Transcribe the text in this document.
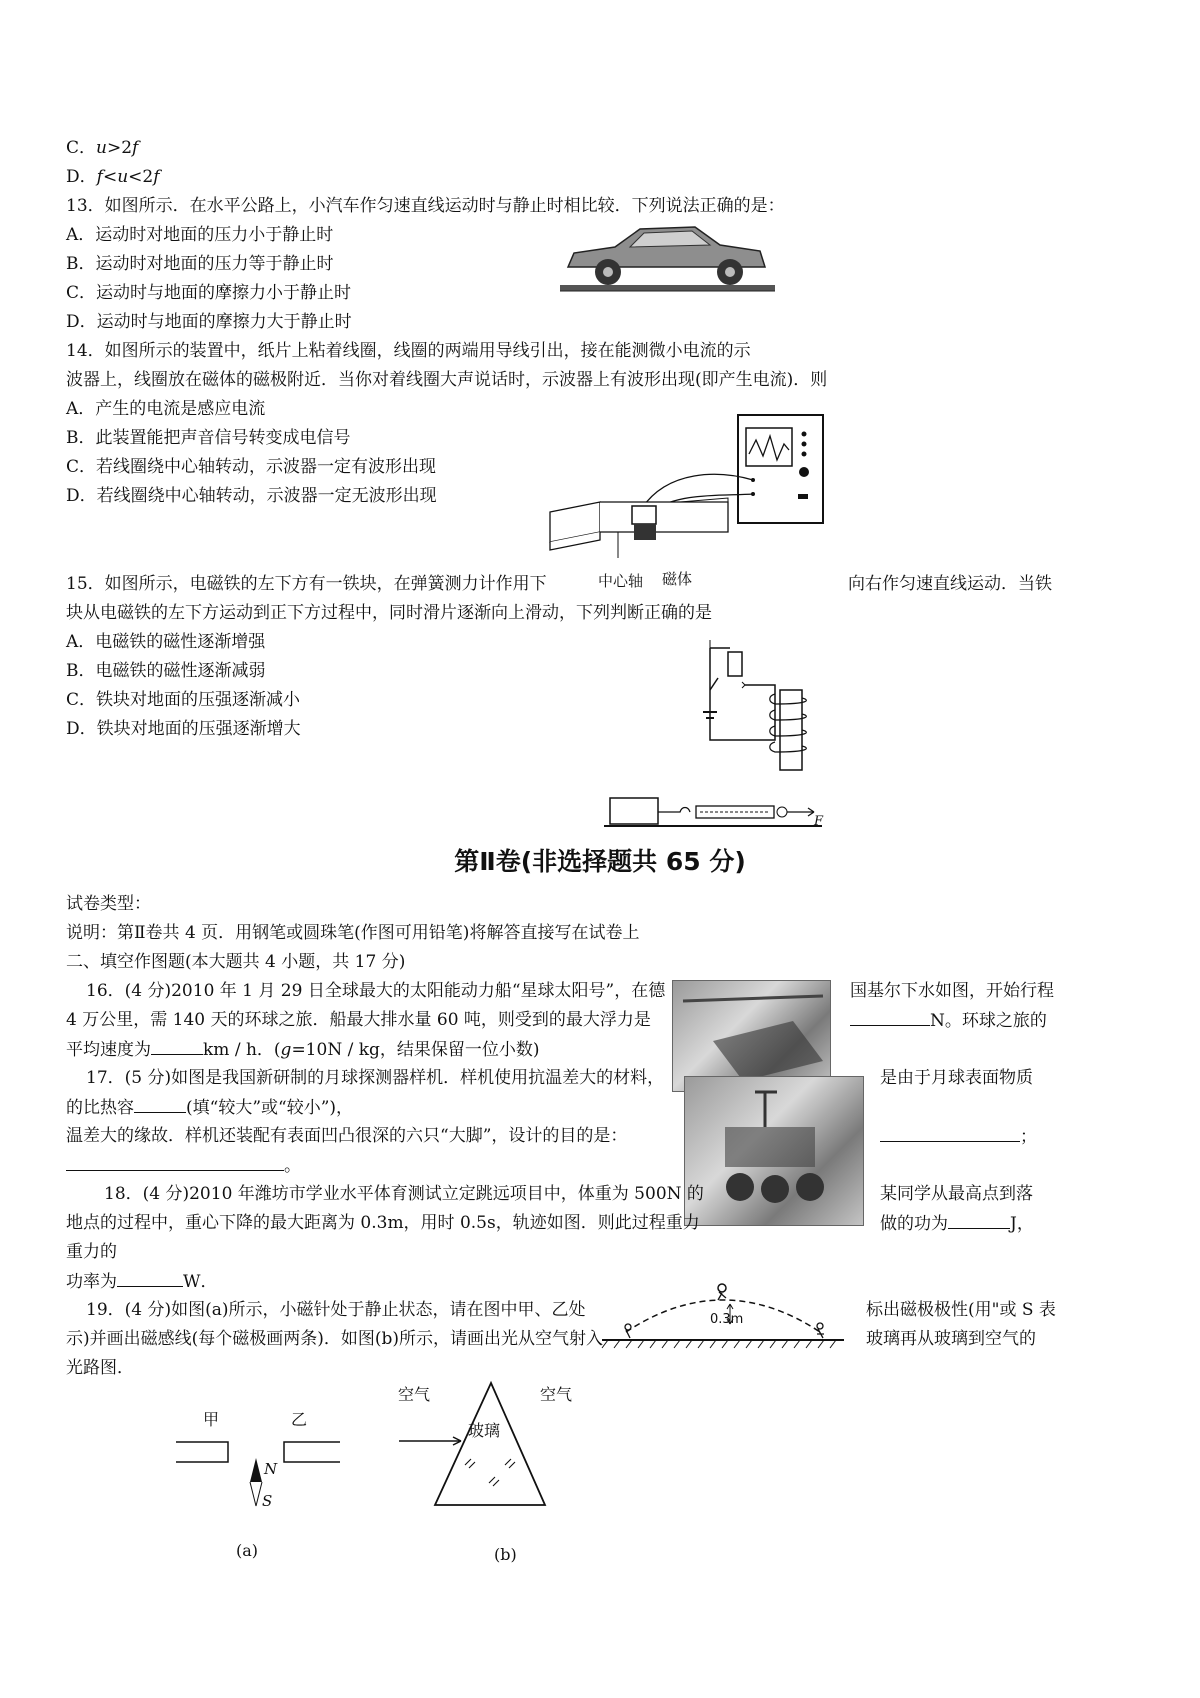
C．u>2f
D．f<u<2f
13．如图所示．在水平公路上，小汽车作匀速直线运动时与静止时相比较．下列说法正确的是：
A．运动时对地面的压力小于静止时
B．运动时对地面的压力等于静止时
C．运动时与地面的摩擦力小于静止时
D．运动时与地面的摩擦力大于静止时
14．如图所示的装置中，纸片上粘着线圈，线圈的两端用导线引出，接在能测微小电流的示
波器上，线圈放在磁体的磁极附近．当你对着线圈大声说话时，示波器上有波形出现(即产生电流)．则
A．产生的电流是感应电流
B．此装置能把声音信号转变成电信号
C．若线圈绕中心轴转动，示波器一定有波形出现
D．若线圈绕中心轴转动，示波器一定无波形出现
中心轴 磁体
15．如图所示，电磁铁的左下方有一铁块，在弹簧测力计作用下	向右作匀速直线运动．当铁
块从电磁铁的左下方运动到正下方过程中，同时滑片逐渐向上滑动，下列判断正确的是
A．电磁铁的磁性逐渐增强
B．电磁铁的磁性逐渐减弱
C．铁块对地面的压强逐渐减小
D．铁块对地面的压强逐渐增大
F
第Ⅱ卷(非选择题共 65 分)
试卷类型：
说明：第Ⅱ卷共 4 页．用钢笔或圆珠笔(作图可用铅笔)将解答直接写在试卷上
二、填空作图题(本大题共 4 小题，共 17 分)
16．(4 分)2010 年 1 月 29 日全球最大的太阳能动力船“星球太阳号”，在德	国基尔下水如图，开始行程
4 万公里，需 140 天的环球之旅．船最大排水量 60 吨，则受到的最大浮力是	N。环球之旅的
平均速度为	km / h．(g=10N / kg，结果保留一位小数)
17．(5 分)如图是我国新研制的月球探测器样机．样机使用抗温差大的材料，	是由于月球表面物质
的比热容	(填“较大”或“较小”)，
温差大的缘故．样机还装配有表面凹凸很深的六只“大脚”，设计的目的是：	；
。
18．(4 分)2010 年潍坊市学业水平体育测试立定跳远项目中，体重为 500N 的	某同学从最高点到落
地点的过程中，重心下降的最大距离为 0.3m，用时 0.5s，轨迹如图．则此过程重力	做的功为	J，
重力的
功率为	W．
0.3m
19．(4 分)如图(a)所示，小磁针处于静止状态，请在图中甲、乙处	标出磁极极性(用"或 S 表
示)并画出磁感线(每个磁极画两条)．如图(b)所示，请画出光从空气射入	玻璃再从玻璃到空气的
光路图．
甲	乙
N
S
(a)
空气	空气
玻璃
(b)
